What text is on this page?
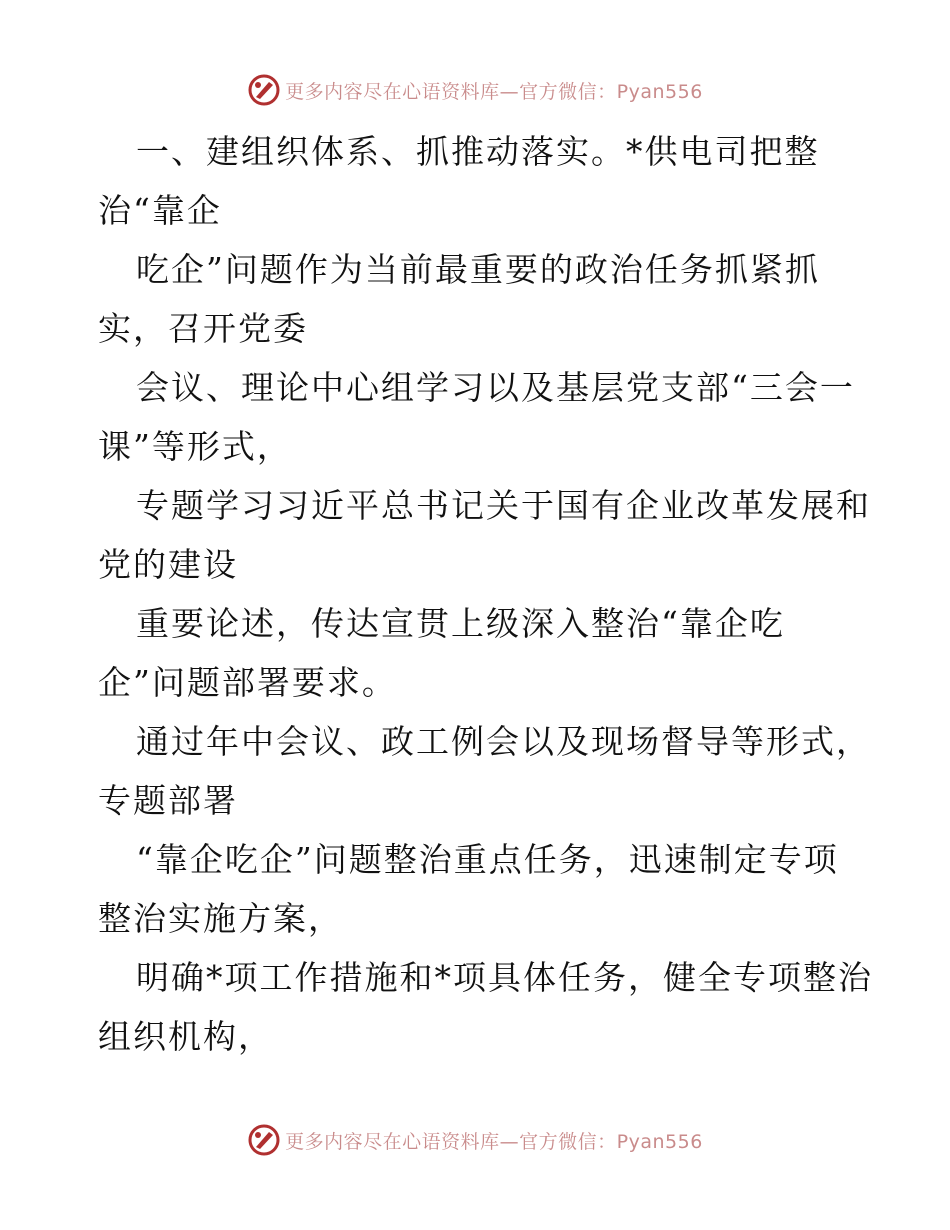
更多内容尽在心语资料库—官方微信：Pyan556
一、建组织体系、抓推动落实。*供电司把整
治“靠企
吃企”问题作为当前最重要的政治任务抓紧抓
实，召开党委
会议、理论中心组学习以及基层党支部“三会一
课”等形式，
专题学习习近平总书记关于国有企业改革发展和
党的建设
重要论述，传达宣贯上级深入整治“靠企吃
企”问题部署要求。
通过年中会议、政工例会以及现场督导等形式，
专题部署
“靠企吃企”问题整治重点任务，迅速制定专项
整治实施方案，
明确*项工作措施和*项具体任务，健全专项整治
组织机构，
更多内容尽在心语资料库—官方微信：Pyan556
